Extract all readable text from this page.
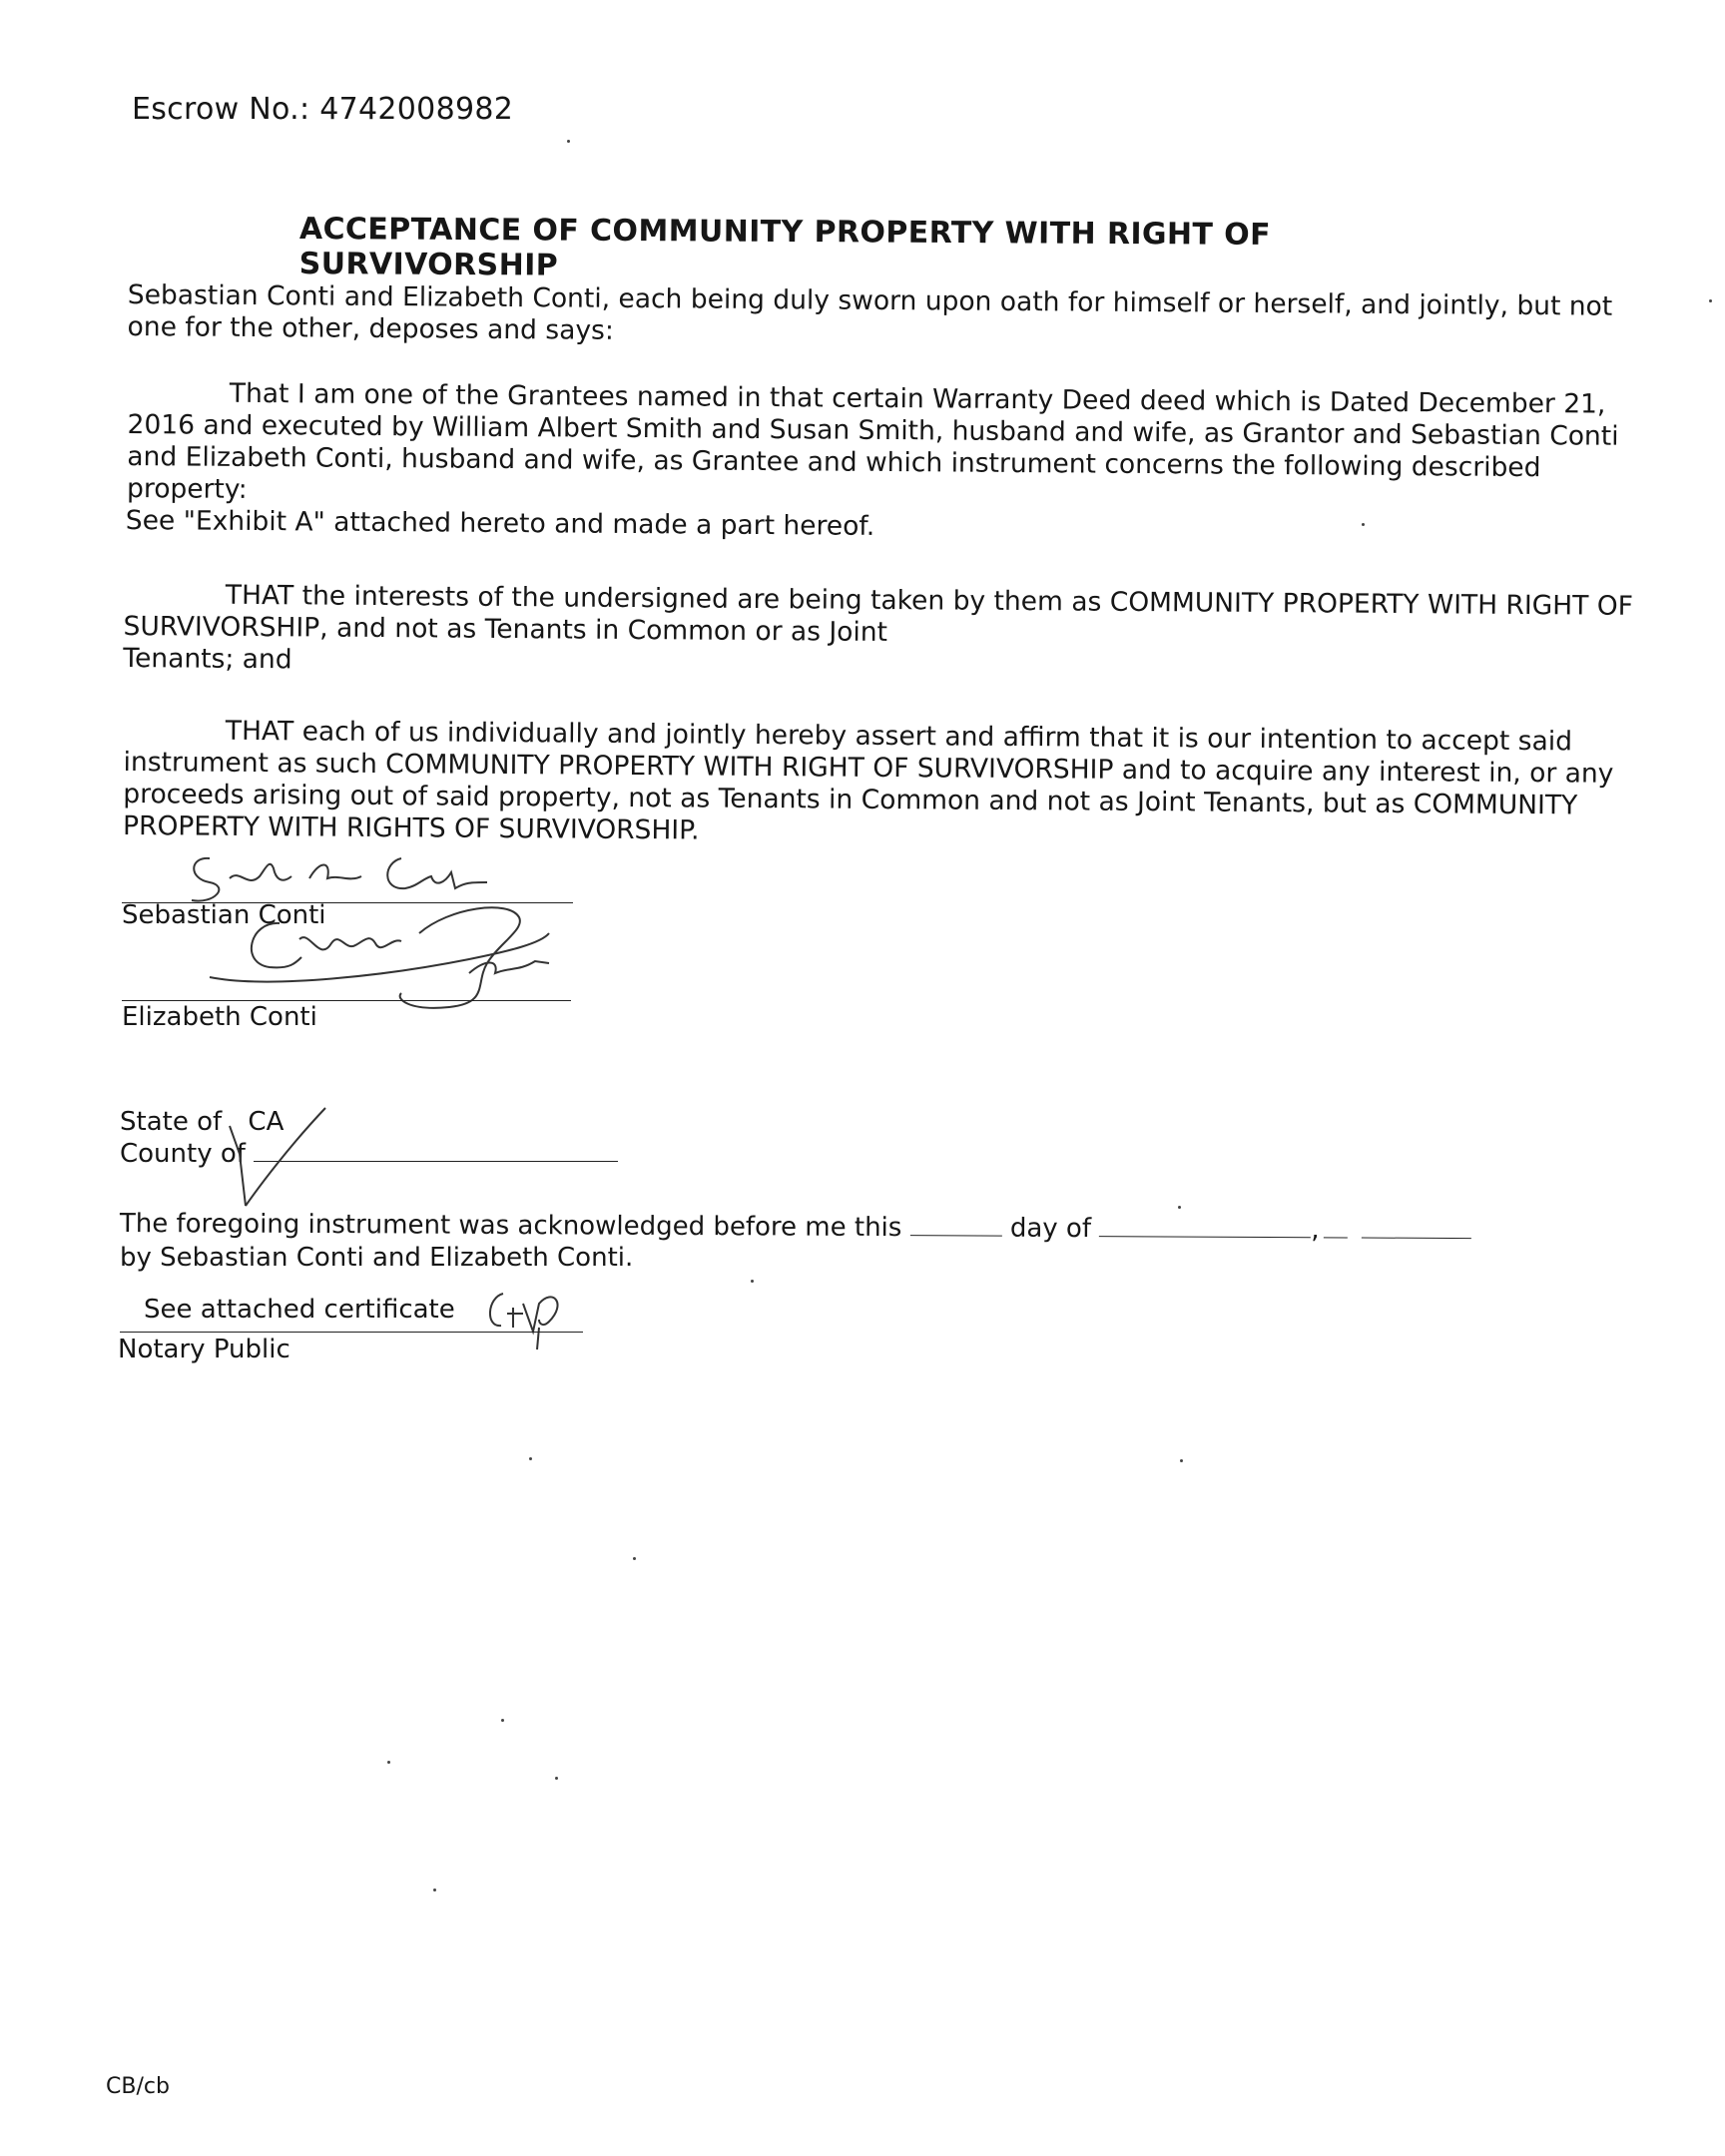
Escrow No.: 4742008982
ACCEPTANCE OF COMMUNITY PROPERTY WITH RIGHT OF SURVIVORSHIP
Sebastian Conti and Elizabeth Conti, each being duly sworn upon oath for himself or herself, and jointly, but not one for the other, deposes and says:
That I am one of the Grantees named in that certain Warranty Deed deed which is Dated December 21, 2016 and executed by William Albert Smith and Susan Smith, husband and wife, as Grantor and Sebastian Conti and Elizabeth Conti, husband and wife, as Grantee and which instrument concerns the following described property:
See "Exhibit A" attached hereto and made a part hereof.
THAT the interests of the undersigned are being taken by them as COMMUNITY PROPERTY WITH RIGHT OF
SURVIVORSHIP, and not as Tenants in Common or as Joint
Tenants; and
THAT each of us individually and jointly hereby assert and affirm that it is our intention to accept said instrument as such COMMUNITY PROPERTY WITH RIGHT OF SURVIVORSHIP and to acquire any interest in, or any proceeds arising out of said property, not as Tenants in Common and not as Joint Tenants, but as COMMUNITY PROPERTY WITH RIGHTS OF SURVIVORSHIP.
Sebastian Conti
Elizabeth Conti
State of CA
County of
The foregoing instrument was acknowledged before me this	day of	,
by Sebastian Conti and Elizabeth Conti.
See attached certificate
Notary Public
CB/cb
